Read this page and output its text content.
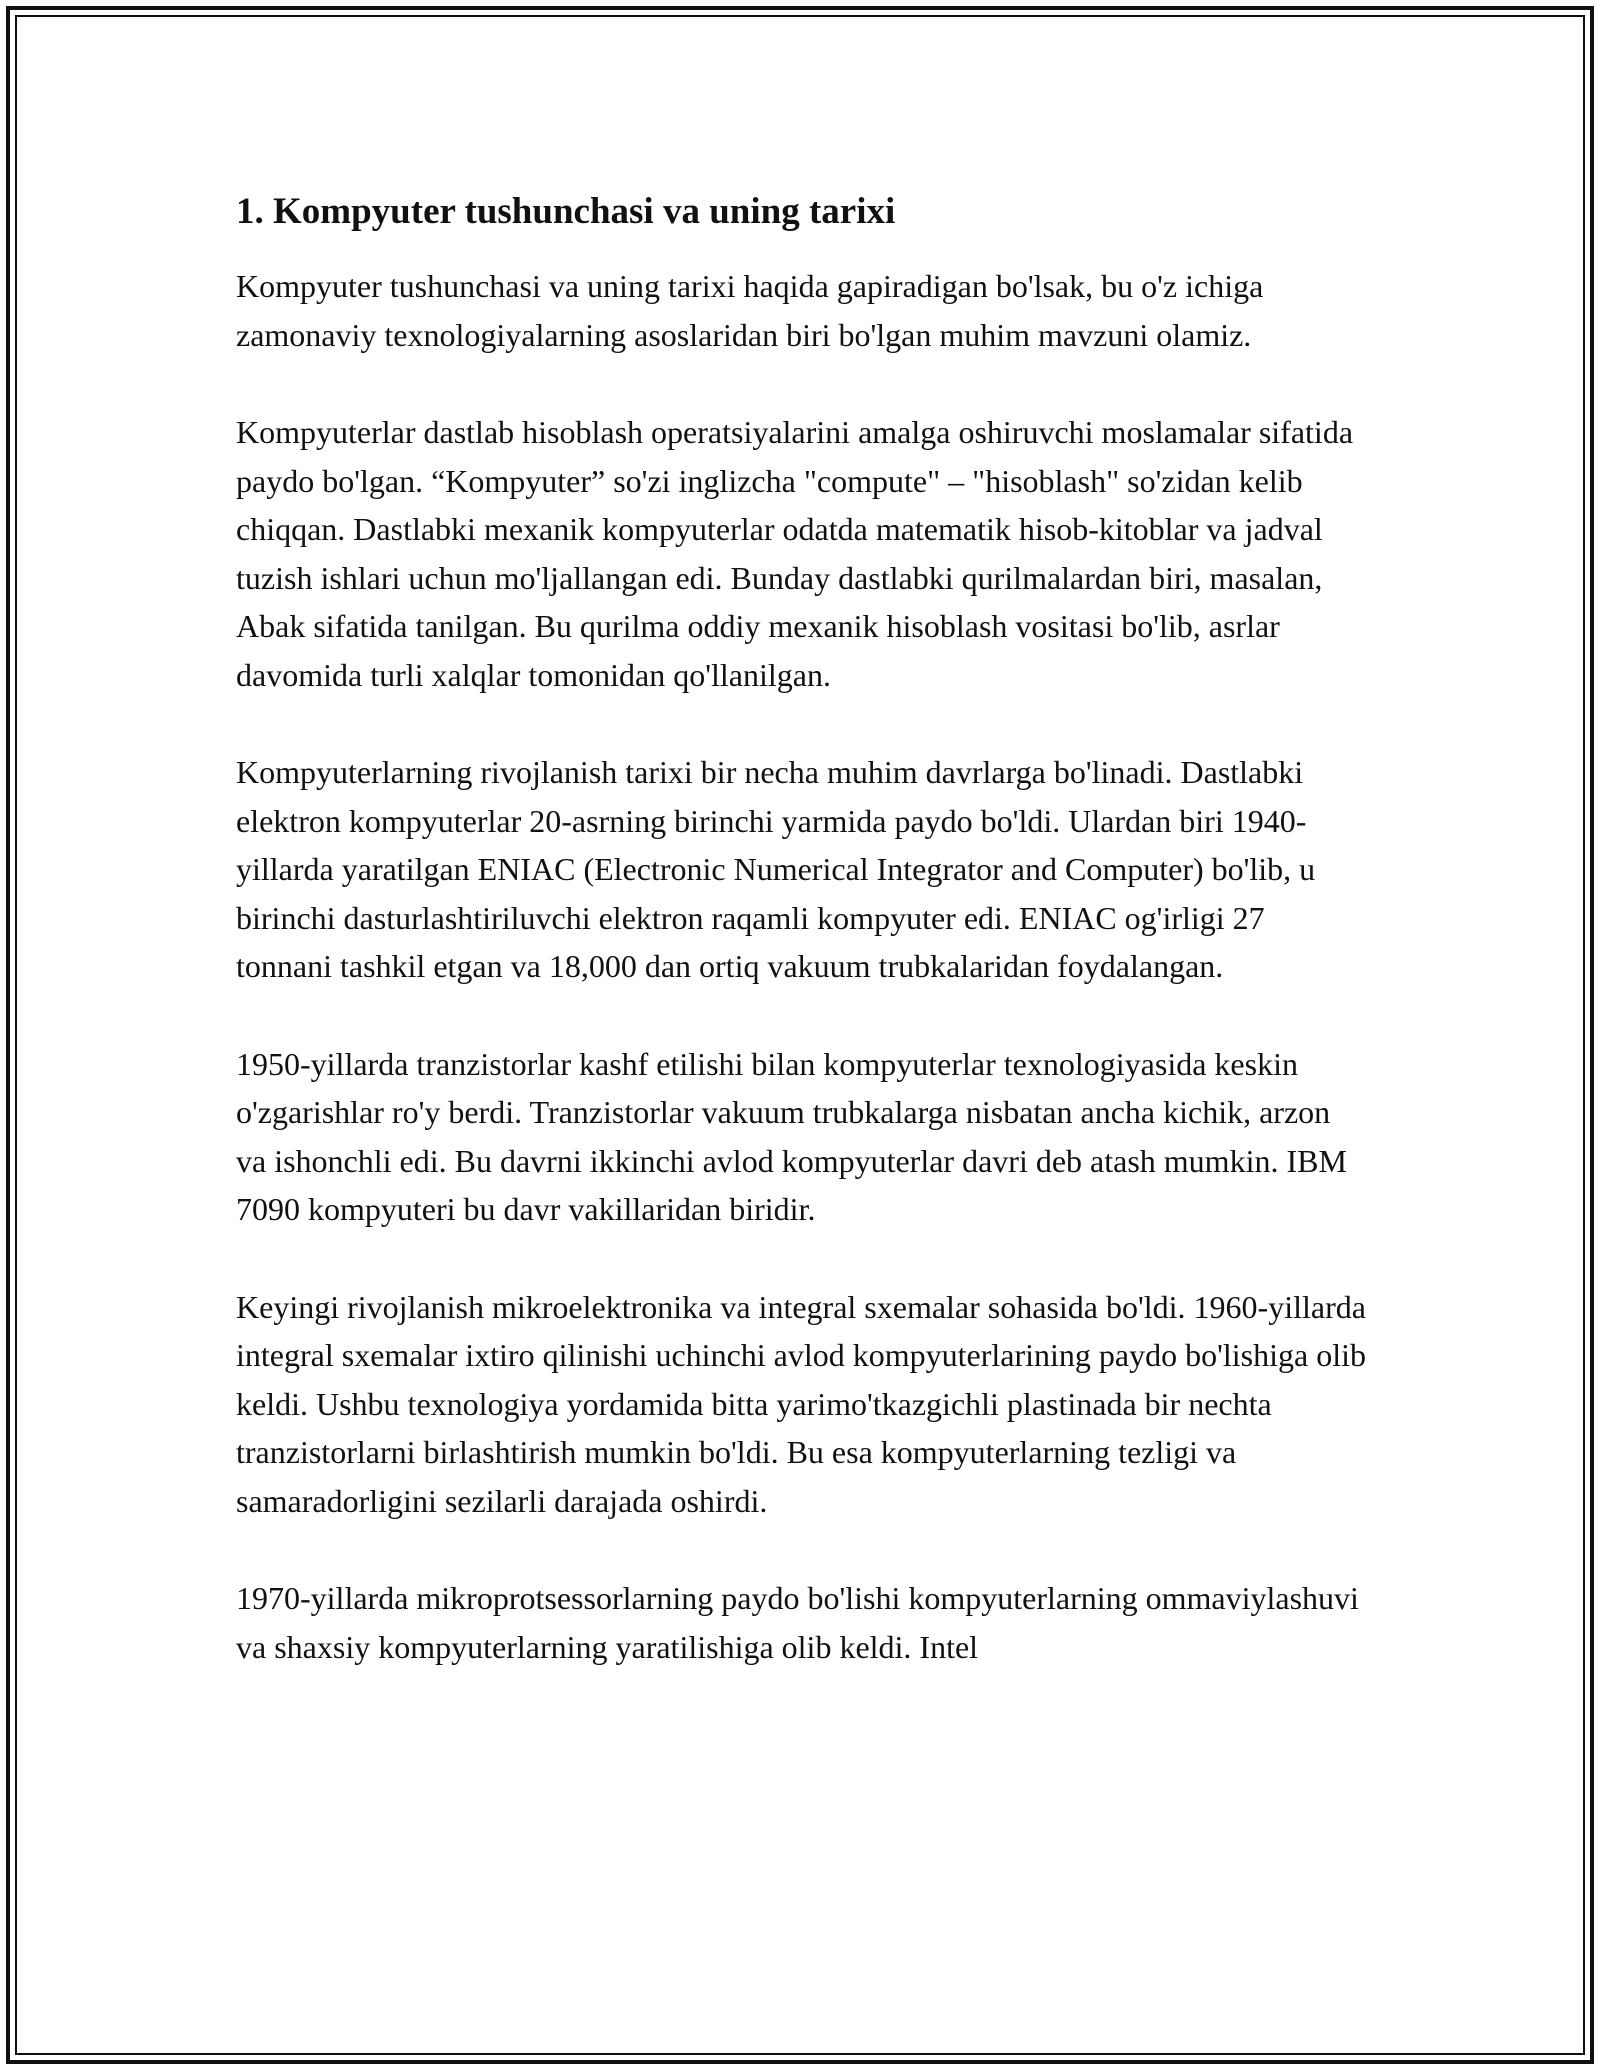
1. Kompyuter tushunchasi va uning tarixi

Kompyuter tushunchasi va uning tarixi haqida gapiradigan bo'lsak, bu o'z ichiga zamonaviy texnologiyalarning asoslaridan biri bo'lgan muhim mavzuni olamiz.

Kompyuterlar dastlab hisoblash operatsiyalarini amalga oshiruvchi moslamalar sifatida paydo bo'lgan. “Kompyuter” so'zi inglizcha "compute" – "hisoblash" so'zidan kelib chiqqan. Dastlabki mexanik kompyuterlar odatda matematik hisob-kitoblar va jadval tuzish ishlari uchun mo'ljallangan edi. Bunday dastlabki qurilmalardan biri, masalan, Abak sifatida tanilgan. Bu qurilma oddiy mexanik hisoblash vositasi bo'lib, asrlar davomida turli xalqlar tomonidan qo'llanilgan.

Kompyuterlarning rivojlanish tarixi bir necha muhim davrlarga bo'linadi. Dastlabki elektron kompyuterlar 20-asrning birinchi yarmida paydo bo'ldi. Ulardan biri 1940-yillarda yaratilgan ENIAC (Electronic Numerical Integrator and Computer) bo'lib, u birinchi dasturlashtiriluvchi elektron raqamli kompyuter edi. ENIAC og'irligi 27 tonnani tashkil etgan va 18,000 dan ortiq vakuum trubkalaridan foydalangan.

1950-yillarda tranzistorlar kashf etilishi bilan kompyuterlar texnologiyasida keskin o'zgarishlar ro'y berdi. Tranzistorlar vakuum trubkalarga nisbatan ancha kichik, arzon va ishonchli edi. Bu davrni ikkinchi avlod kompyuterlar davri deb atash mumkin. IBM 7090 kompyuteri bu davr vakillaridan biridir.

Keyingi rivojlanish mikroelektronika va integral sxemalar sohasida bo'ldi. 1960-yillarda integral sxemalar ixtiro qilinishi uchinchi avlod kompyuterlarining paydo bo'lishiga olib keldi. Ushbu texnologiya yordamida bitta yarimo'tkazgichli plastinada bir nechta tranzistorlarni birlashtirish mumkin bo'ldi. Bu esa kompyuterlarning tezligi va samaradorligini sezilarli darajada oshirdi.

1970-yillarda mikroprotsessorlarning paydo bo'lishi kompyuterlarning ommaviylashuvi va shaxsiy kompyuterlarning yaratilishiga olib keldi. Intel
